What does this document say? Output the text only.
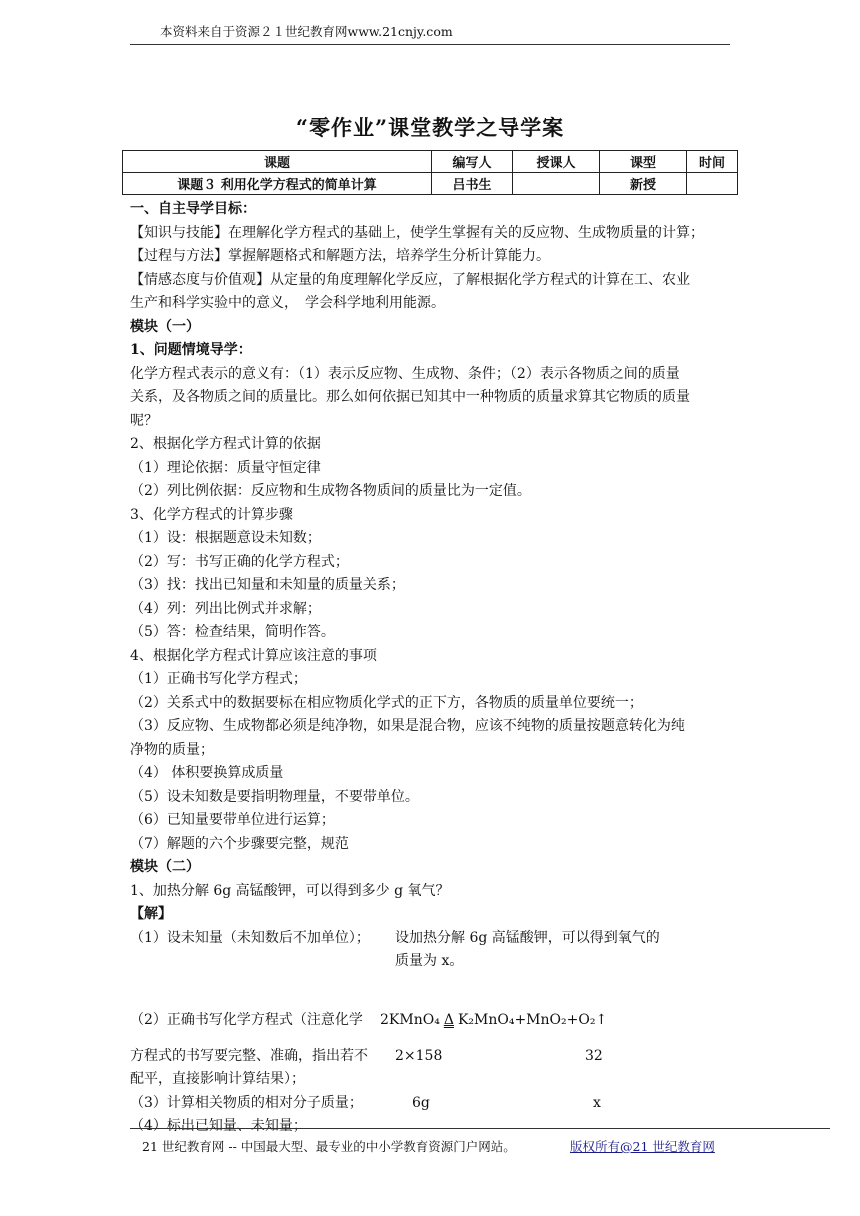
本资料来自于资源２１世纪教育网www.21cnjy.com
“零作业”课堂教学之导学案
课题	编写人	授课人	课型	时间
课题３ 利用化学方程式的简单计算	吕书生		新授	

一、自主导学目标：

【知识与技能】在理解化学方程式的基础上，使学生掌握有关的反应物、生成物质量的计算；

【过程与方法】掌握解题格式和解题方法，培养学生分析计算能力。

【情感态度与价值观】从定量的角度理解化学反应，了解根据化学方程式的计算在工、农业

生产和科学实验中的意义，　学会科学地利用能源。

模块（一）

1、问题情境导学：

化学方程式表示的意义有：（1）表示反应物、生成物、条件；（2）表示各物质之间的质量

关系，及各物质之间的质量比。那么如何依据已知其中一种物质的质量求算其它物质的质量

呢？

2、根据化学方程式计算的依据

（1）理论依据：质量守恒定律

（2）列比例依据：反应物和生成物各物质间的质量比为一定值。

3、化学方程式的计算步骤

（1）设：根据题意设未知数；

（2）写：书写正确的化学方程式；

（3）找：找出已知量和未知量的质量关系；

（4）列：列出比例式并求解；

（5）答：检查结果，简明作答。

4、根据化学方程式计算应该注意的事项

（1）正确书写化学方程式；

（2）关系式中的数据要标在相应物质化学式的正下方，各物质的质量单位要统一；

（3）反应物、生成物都必须是纯净物，如果是混合物，应该不纯物的质量按题意转化为纯

净物的质量；

（4） 体积要换算成质量

（5）设未知数是要指明物理量，不要带单位。

（6）已知量要带单位进行运算；

（7）解题的六个步骤要完整，规范

模块（二）

1、加热分解 6g 高锰酸钾，可以得到多少 g 氧气？

【解】

（1）设未知量（未知数后不加单位）； 设加热分解 6g 高锰酸钾，可以得到氧气的
质量为 x。
（2）正确书写化学方程式（注意化学 2KMnO₄ Δ K₂MnO₄+MnO₂+O₂↑
方程式的书写要完整、准确，指出若不 2×158	32
配平，直接影响计算结果）；
（3）计算相关物质的相对分子质量；	6g	x
（4）标出已知量、未知量；
21 世纪教育网 -- 中国最大型、最专业的中小学教育资源门户网站。	版权所有@21 世纪教育网
